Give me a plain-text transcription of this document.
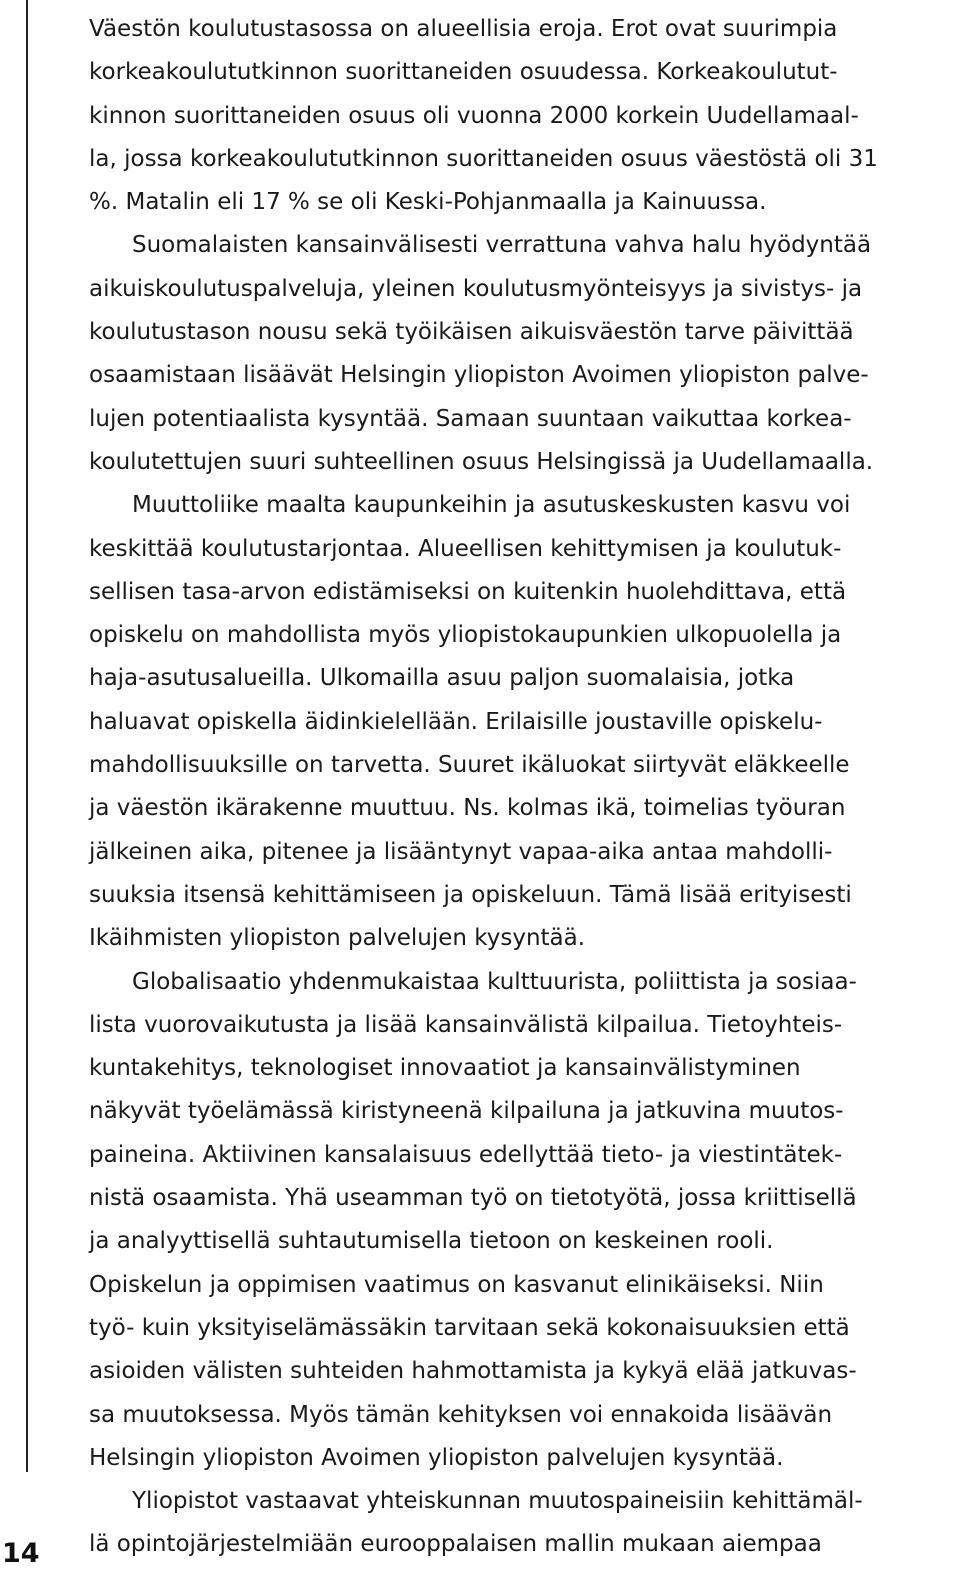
14

Väestön koulutustasossa on alueellisia eroja. Erot ovat suurimpia
korkeakoulututkinnon suorittaneiden osuudessa. Korkeakoulutut-
kinnon suorittaneiden osuus oli vuonna 2000 korkein Uudellamaal-
la, jossa korkeakoulututkinnon suorittaneiden osuus väestöstä oli 31
%. Matalin eli 17 % se oli Keski-Pohjanmaalla ja Kainuussa.

Suomalaisten kansainvälisesti verrattuna vahva halu hyödyntää
aikuiskoulutuspalveluja, yleinen koulutusmyönteisyys ja sivistys- ja
koulutustason nousu sekä työikäisen aikuisväestön tarve päivittää
osaamistaan lisäävät Helsingin yliopiston Avoimen yliopiston palve-
lujen potentiaalista kysyntää. Samaan suuntaan vaikuttaa korkea-
koulutettujen suuri suhteellinen osuus Helsingissä ja Uudellamaalla.

Muuttoliike maalta kaupunkeihin ja asutuskeskusten kasvu voi
keskittää koulutustarjontaa. Alueellisen kehittymisen ja koulutuk-
sellisen tasa-arvon edistämiseksi on kuitenkin huolehdittava, että
opiskelu on mahdollista myös yliopistokaupunkien ulkopuolella ja
haja-asutusalueilla. Ulkomailla asuu paljon suomalaisia, jotka
haluavat opiskella äidinkielellään. Erilaisille joustaville opiskelu-
mahdollisuuksille on tarvetta. Suuret ikäluokat siirtyvät eläkkeelle
ja väestön ikärakenne muuttuu. Ns. kolmas ikä, toimelias työuran
jälkeinen aika, pitenee ja lisääntynyt vapaa-aika antaa mahdolli-
suuksia itsensä kehittämiseen ja opiskeluun. Tämä lisää erityisesti
Ikäihmisten yliopiston palvelujen kysyntää.

Globalisaatio yhdenmukaistaa kulttuurista, poliittista ja sosiaa-
lista vuorovaikutusta ja lisää kansainvälistä kilpailua. Tietoyhteis-
kuntakehitys, teknologiset innovaatiot ja kansainvälistyminen
näkyvät työelämässä kiristyneenä kilpailuna ja jatkuvina muutos-
paineina. Aktiivinen kansalaisuus edellyttää tieto- ja viestintätek-
nistä osaamista. Yhä useamman työ on tietotyötä, jossa kriittisellä
ja analyyttisellä suhtautumisella tietoon on keskeinen rooli.
Opiskelun ja oppimisen vaatimus on kasvanut elinikäiseksi. Niin
työ- kuin yksityiselämässäkin tarvitaan sekä kokonaisuuksien että
asioiden välisten suhteiden hahmottamista ja kykyä elää jatkuvas-
sa muutoksessa. Myös tämän kehityksen voi ennakoida lisäävän
Helsingin yliopiston Avoimen yliopiston palvelujen kysyntää.

Yliopistot vastaavat yhteiskunnan muutospaineisiin kehittämäl-
lä opintojärjestelmiään eurooppalaisen mallin mukaan aiempaa
